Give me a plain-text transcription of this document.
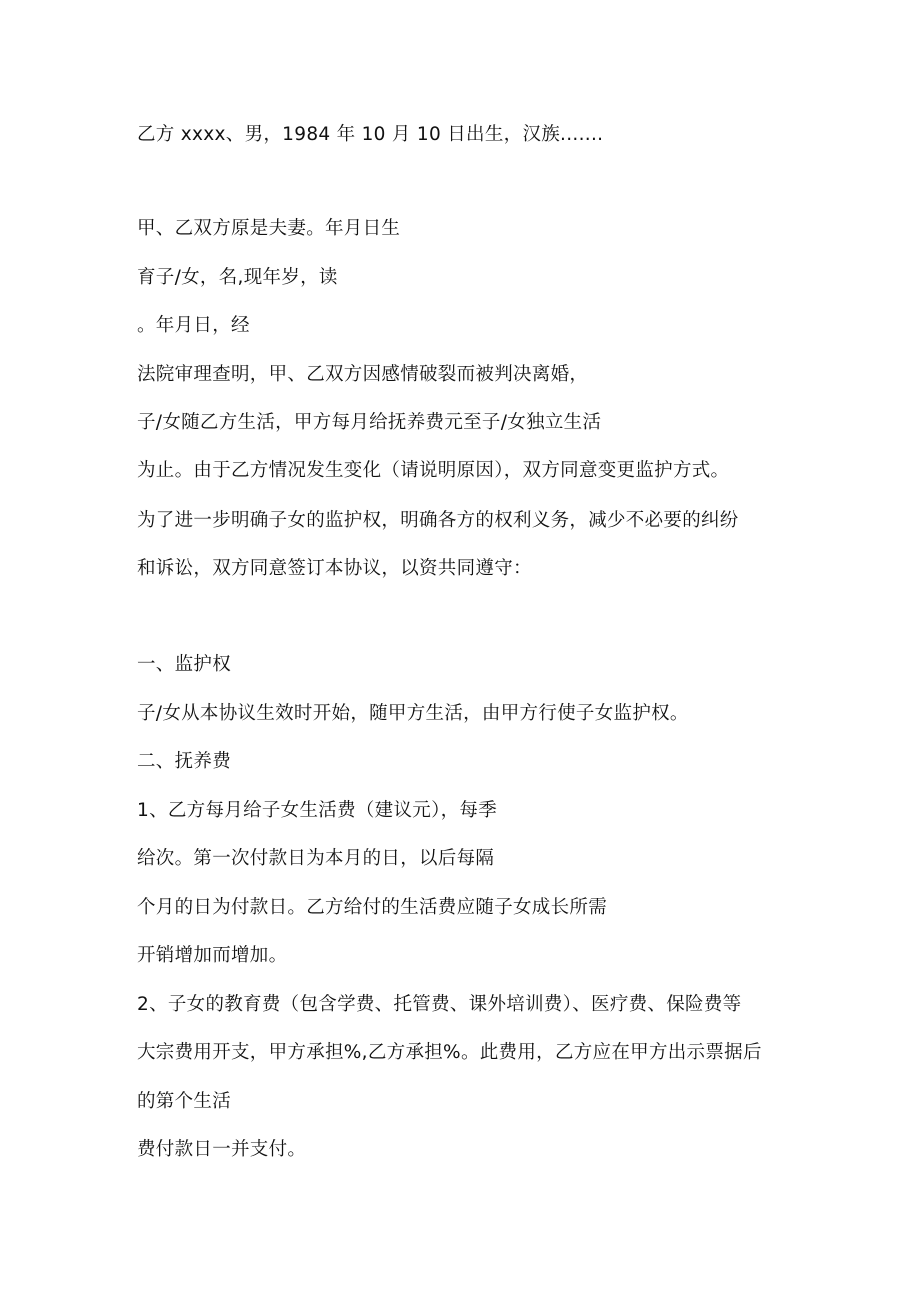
乙方 xxxx、男，1984 年 10 月 10 日出生，汉族.......

甲、乙双方原是夫妻。年月日生

育子/女，名,现年岁，读

。年月日，经

法院审理查明，甲、乙双方因感情破裂而被判决离婚，

子/女随乙方生活，甲方每月给抚养费元至子/女独立生活

为止。由于乙方情况发生变化（请说明原因），双方同意变更监护方式。

为了进一步明确子女的监护权，明确各方的权利义务，减少不必要的纠纷

和诉讼，双方同意签订本协议，以资共同遵守：

一、监护权

子/女从本协议生效时开始，随甲方生活，由甲方行使子女监护权。

二、抚养费

1、乙方每月给子女生活费（建议元），每季

给次。第一次付款日为本月的日，以后每隔

个月的日为付款日。乙方给付的生活费应随子女成长所需

开销增加而增加。

2、子女的教育费（包含学费、托管费、课外培训费）、医疗费、保险费等

大宗费用开支，甲方承担%,乙方承担%。此费用，乙方应在甲方出示票据后

的第个生活

费付款日一并支付。
